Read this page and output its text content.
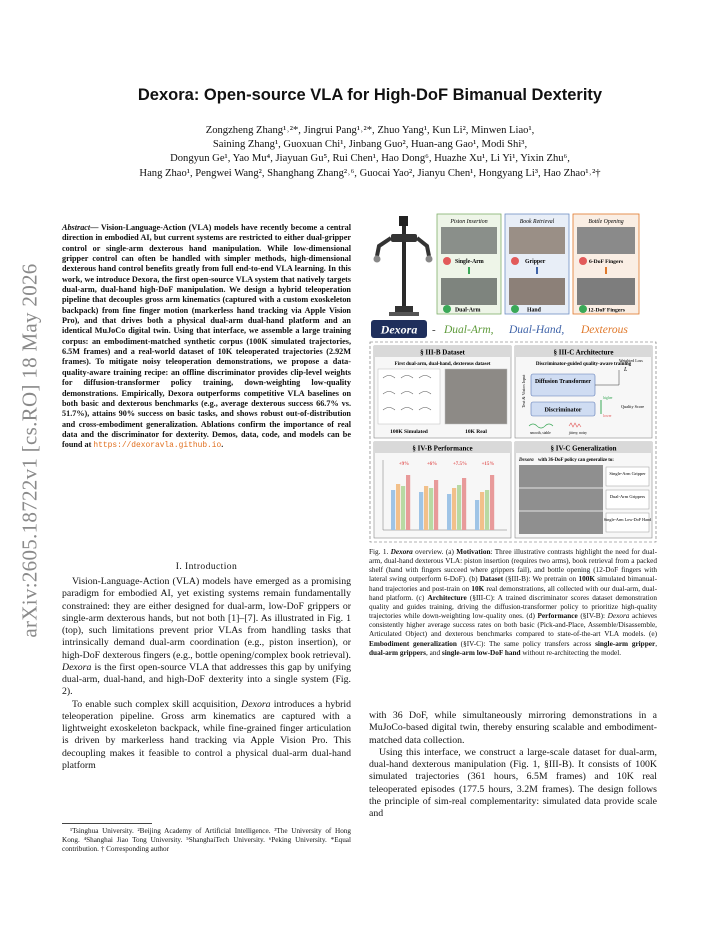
arXiv:2605.18722v1 [cs.RO] 18 May 2026
Dexora: Open-source VLA for High-DoF Bimanual Dexterity
Zongzheng Zhang¹˒²*, Jingrui Pang¹˒²*, Zhuo Yang¹, Kun Li², Minwen Liao¹,
Saining Zhang¹, Guoxuan Chi¹, Jinbang Guo², Huan-ang Gao¹, Modi Shi³,
Dongyun Ge¹, Yao Mu⁴, Jiayuan Gu⁵, Rui Chen¹, Hao Dong⁶, Huazhe Xu¹, Li Yi¹, Yixin Zhu⁶,
Hang Zhao¹, Pengwei Wang², Shanghang Zhang²˒⁶, Guocai Yao², Jianyu Chen¹, Hongyang Li³, Hao Zhao¹˒²†
Abstract— Vision-Language-Action (VLA) models have recently become a central direction in embodied AI, but current systems are restricted to either dual-gripper control or single-arm dexterous hand manipulation. While low-dimensional gripper control can often be handled with simpler methods, high-dimensional dexterous hand control benefits greatly from full end-to-end VLA learning. In this work, we introduce Dexora, the first open-source VLA system that natively targets dual-arm, dual-hand high-DoF manipulation. We design a hybrid teleoperation pipeline that decouples gross arm kinematics (captured with a custom exoskeleton backpack) from fine finger motion (markerless hand tracking via Apple Vision Pro), and that drives both a physical dual-arm dual-hand platform and an identical MuJoCo digital twin. Using that interface, we assemble a large training corpus: an embodiment-matched synthetic corpus (100K simulated trajectories, 6.5M frames) and a real-world dataset of 10K teleoperated trajectories (2.92M frames). To mitigate noisy teleoperation demonstrations, we propose a data-quality-aware training recipe: an offline discriminator provides clip-level weights for diffusion-transformer policy training, down-weighting low-quality demonstrations. Empirically, Dexora outperforms competitive VLA baselines on both basic and dexterous benchmarks (e.g., average dexterous success 66.7% vs. 51.7%), attains 90% success on basic tasks, and shows robust out-of-distribution and cross-embodiment generalization. Ablations confirm the importance of real data and the discriminator for dexterity. Demos, data, code, and models can be found at https://dexoravla.github.io.
I. Introduction

Vision-Language-Action (VLA) models have emerged as a promising paradigm for embodied AI, yet existing systems remain fundamentally constrained: they are either designed for dual-arm, low-DoF grippers or single-arm dexterous hands, but not both [1]–[7]. As illustrated in Fig. 1 (top), such limitations prevent prior VLAs from handling tasks that intrinsically demand dual-arm coordination (e.g., piston insertion), or high-DoF dexterous fingers (e.g., bottle opening/complex book retrieval). Dexora is the first open-source VLA that addresses this gap by unifying dual-arm, dual-hand, and high-DoF dexterity into a single system (Fig. 2).

To enable such complex skill acquisition, Dexora introduces a hybrid teleoperation pipeline. Gross arm kinematics are captured with a lightweight exoskeleton backpack, while fine-grained finger articulation is driven by markerless hand tracking via Apple Vision Pro. This decoupling makes it feasible to control a physical dual-arm dual-hand platform

¹Tsinghua University. ²Beijing Academy of Artificial Intelligence. ³The University of Hong Kong. ⁴Shanghai Jiao Tong University. ⁵ShanghaiTech University. ⁶Peking University. *Equal contribution. † Corresponding author

Piston Insertion
Single-Arm
Dual-Arm
Book Retrieval
Gripper
Hand
Bottle Opening
6-DoF Fingers
12-DoF Fingers
Dexora - Dual-Arm, Dual-Hand, Dexterous
§ III-B Dataset
First dual-arm, dual-hand, dexterous dataset
100K Simulated	10K Real
§ III-C Architecture
Discriminator-guided quality-aware training
Text & Vision Input Diffusion Transformer
Discriminator
Weighted Loss
L
higher
lower
Quality Score
smooth, stable	jittery, noisy
§ IV-B Performance
+9%	+6%	+7.5%	+15%
§ IV-C Generalization
Dexora with 36-DoF policy can generalize to:
Single-Arm Gripper
Dual-Arm Grippers
Single-Arm Low-DoF Hand
Fig. 1. Dexora overview. (a) Motivation: Three illustrative contrasts highlight the need for dual-arm, dual-hand dexterous VLA: piston insertion (requires two arms), book retrieval from a packed shelf (hand with fingers succeed where grippers fail), and bottle opening (12-DoF fingers with lateral swing outperform 6-DoF). (b) Dataset (§III-B): We pretrain on 100K simulated bimanual-hand trajectories and post-train on 10K real demonstrations, all collected with our dual-arm, dual-hand platform. (c) Architecture (§III-C): A trained discriminator scores dataset demonstration quality and guides training, driving the diffusion-transformer policy to prioritize high-quality trajectories while down-weighting low-quality ones. (d) Performance (§IV-B): Dexora achieves consistently higher average success rates on both basic (Pick-and-Place, Assemble/Disassemble, Articulated Object) and dexterous benchmarks compared to state-of-the-art VLA models. (e) Embodiment generalization (§IV-C): The same policy transfers across single-arm gripper, dual-arm grippers, and single-arm low-DoF hand without re-architecting the model.

with 36 DoF, while simultaneously mirroring demonstrations in a MuJoCo-based digital twin, thereby ensuring scalable and embodiment-matched data collection.

Using this interface, we construct a large-scale dataset for dual-arm, dual-hand dexterous manipulation (Fig. 1, §III-B). It consists of 100K simulated trajectories (361 hours, 6.5M frames) and 10K real teleoperated episodes (177.5 hours, 3.2M frames). The design follows the principle of sim-real complementarity: simulated data provide scale and
